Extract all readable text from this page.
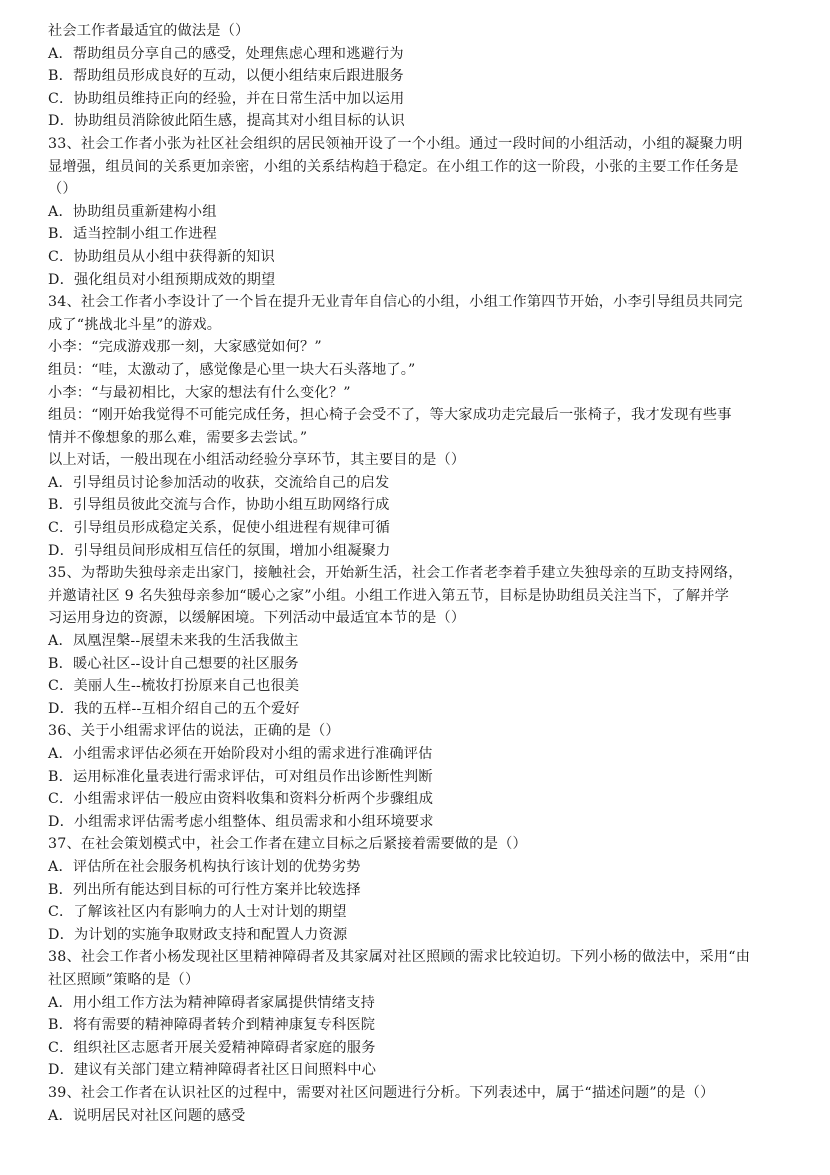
社会工作者最适宜的做法是（）
A．帮助组员分享自己的感受，处理焦虑心理和逃避行为
B．帮助组员形成良好的互动，以便小组结束后跟进服务
C．协助组员维持正向的经验，并在日常生活中加以运用
D．协助组员消除彼此陌生感，提高其对小组目标的认识
33、社会工作者小张为社区社会组织的居民领袖开设了一个小组。通过一段时间的小组活动，小组的凝聚力明
显增强，组员间的关系更加亲密，小组的关系结构趋于稳定。在小组工作的这一阶段，小张的主要工作任务是
（）
A．协助组员重新建构小组
B．适当控制小组工作进程
C．协助组员从小组中获得新的知识
D．强化组员对小组预期成效的期望
34、社会工作者小李设计了一个旨在提升无业青年自信心的小组，小组工作第四节开始，小李引导组员共同完
成了“挑战北斗星”的游戏。
小李：“完成游戏那一刻，大家感觉如何？”
组员：“哇，太激动了，感觉像是心里一块大石头落地了。”
小李：“与最初相比，大家的想法有什么变化？”
组员：“刚开始我觉得不可能完成任务，担心椅子会受不了，等大家成功走完最后一张椅子，我才发现有些事
情并不像想象的那么难，需要多去尝试。”
以上对话，一般出现在小组活动经验分享环节，其主要目的是（）
A．引导组员讨论参加活动的收获，交流给自己的启发
B．引导组员彼此交流与合作，协助小组互助网络行成
C．引导组员形成稳定关系，促使小组进程有规律可循
D．引导组员间形成相互信任的氛围，增加小组凝聚力
35、为帮助失独母亲走出家门，接触社会，开始新生活，社会工作者老李着手建立失独母亲的互助支持网络，
并邀请社区 9 名失独母亲参加“暖心之家”小组。小组工作进入第五节，目标是协助组员关注当下，了解并学
习运用身边的资源，以缓解困境。下列活动中最适宜本节的是（）
A．凤凰涅槃--展望未来我的生活我做主
B．暖心社区--设计自己想要的社区服务
C．美丽人生--梳妆打扮原来自己也很美
D．我的五样--互相介绍自己的五个爱好
36、关于小组需求评估的说法，正确的是（）
A．小组需求评估必须在开始阶段对小组的需求进行准确评估
B．运用标准化量表进行需求评估，可对组员作出诊断性判断
C．小组需求评估一般应由资料收集和资料分析两个步骤组成
D．小组需求评估需考虑小组整体、组员需求和小组环境要求
37、在社会策划模式中，社会工作者在建立目标之后紧接着需要做的是（）
A．评估所在社会服务机构执行该计划的优势劣势
B．列出所有能达到目标的可行性方案并比较选择
C．了解该社区内有影响力的人士对计划的期望
D．为计划的实施争取财政支持和配置人力资源
38、社会工作者小杨发现社区里精神障碍者及其家属对社区照顾的需求比较迫切。下列小杨的做法中，采用“由
社区照顾”策略的是（）
A．用小组工作方法为精神障碍者家属提供情绪支持
B．将有需要的精神障碍者转介到精神康复专科医院
C．组织社区志愿者开展关爱精神障碍者家庭的服务
D．建议有关部门建立精神障碍者社区日间照料中心
39、社会工作者在认识社区的过程中，需要对社区问题进行分析。下列表述中，属于“描述问题”的是（）
A．说明居民对社区问题的感受
